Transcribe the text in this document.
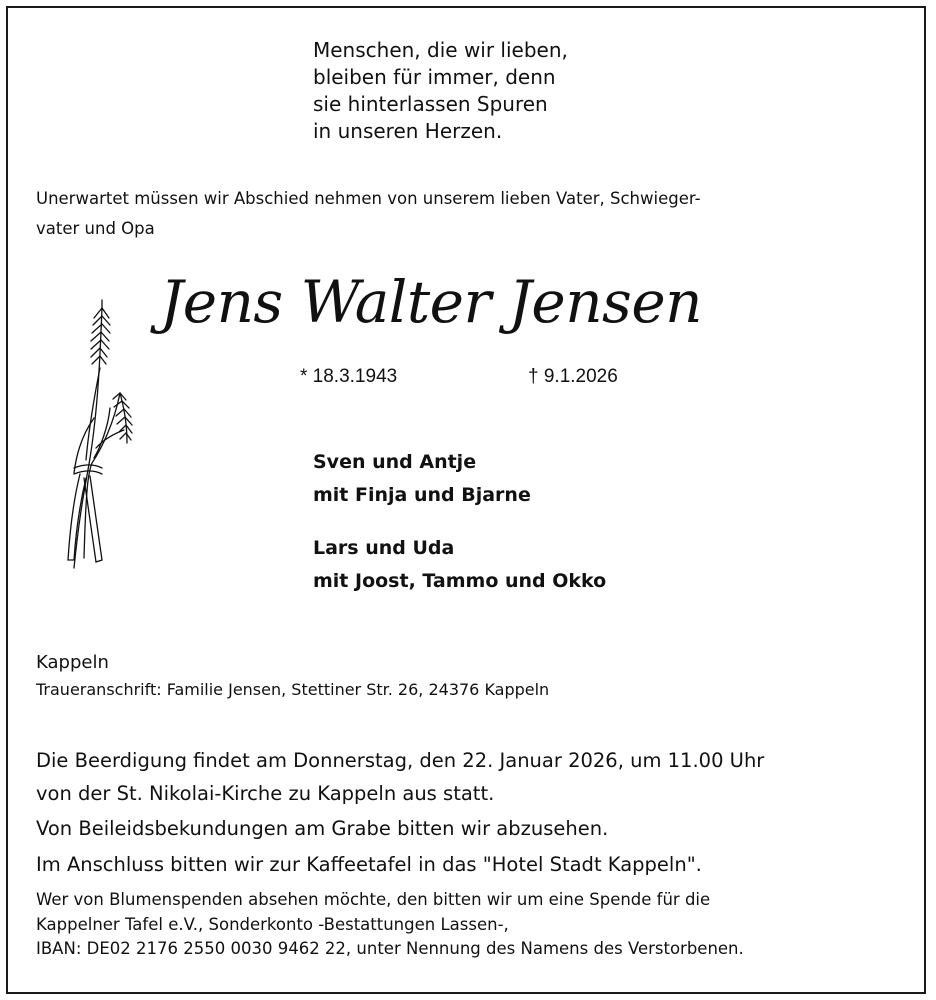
Menschen, die wir lieben,
bleiben für immer, denn
sie hinterlassen Spuren
in unseren Herzen.
Unerwartet müssen wir Abschied nehmen von unserem lieben Vater, Schwieger-
vater und Opa
Jens Walter Jensen
* 18.3.1943	† 9.1.2026
Sven und Antje
mit Finja und Bjarne
Lars und Uda
mit Joost, Tammo und Okko
Kappeln
Traueranschrift: Familie Jensen, Stettiner Str. 26, 24376 Kappeln
Die Beerdigung findet am Donnerstag, den 22. Januar 2026, um 11.00 Uhr
von der St. Nikolai-Kirche zu Kappeln aus statt.
Von Beileidsbekundungen am Grabe bitten wir abzusehen.
Im Anschluss bitten wir zur Kaffeetafel in das "Hotel Stadt Kappeln".
Wer von Blumenspenden absehen möchte, den bitten wir um eine Spende für die
Kappelner Tafel e.V., Sonderkonto -Bestattungen Lassen-,
IBAN: DE02 2176 2550 0030 9462 22, unter Nennung des Namens des Verstorbenen.
